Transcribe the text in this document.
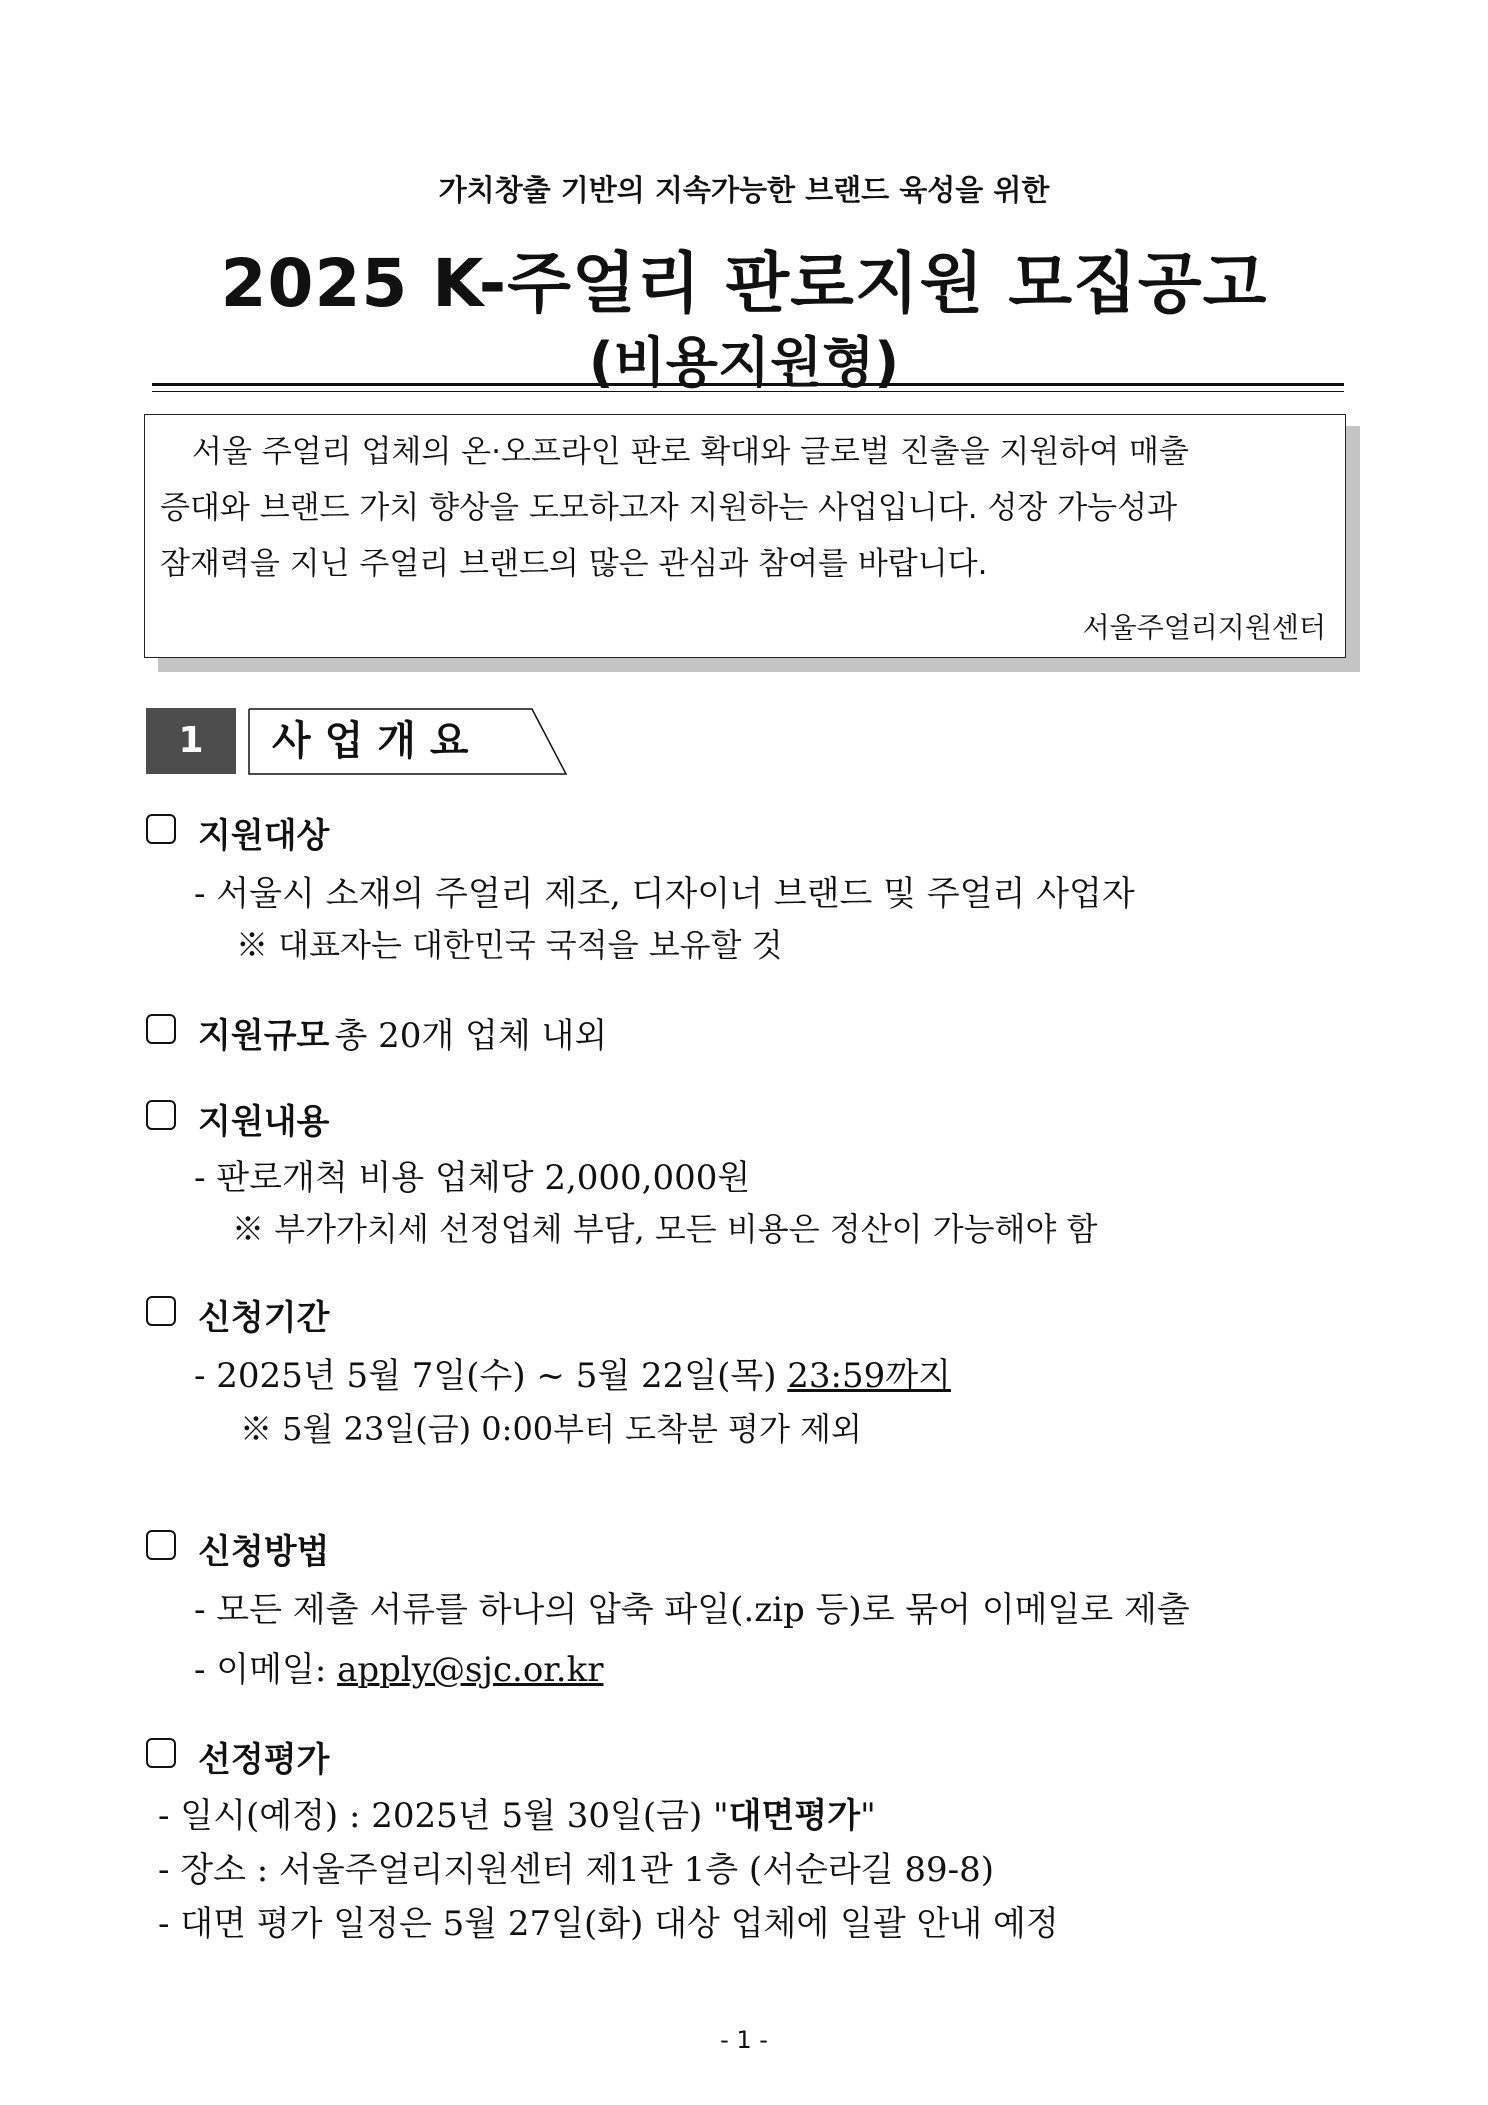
가치창출 기반의 지속가능한 브랜드 육성을 위한
2025 K-주얼리 판로지원 모집공고
(비용지원형)
서울 주얼리 업체의 온·오프라인 판로 확대와 글로벌 진출을 지원하여 매출
증대와 브랜드 가치 향상을 도모하고자 지원하는 사업입니다. 성장 가능성과
잠재력을 지닌 주얼리 브랜드의 많은 관심과 참여를 바랍니다.
서울주얼리지원센터
1	사업개요
지원대상
- 서울시 소재의 주얼리 제조, 디자이너 브랜드 및 주얼리 사업자
※ 대표자는 대한민국 국적을 보유할 것
지원규모 총 20개 업체 내외
지원내용
- 판로개척 비용 업체당 2,000,000원
※ 부가가치세 선정업체 부담, 모든 비용은 정산이 가능해야 함
신청기간
- 2025년 5월 7일(수) ~ 5월 22일(목) 23:59까지
※ 5월 23일(금) 0:00부터 도착분 평가 제외
신청방법
- 모든 제출 서류를 하나의 압축 파일(.zip 등)로 묶어 이메일로 제출
- 이메일: apply@sjc.or.kr
선정평가
- 일시(예정) : 2025년 5월 30일(금) "대면평가"
- 장소 : 서울주얼리지원센터 제1관 1층 (서순라길 89-8)
- 대면 평가 일정은 5월 27일(화) 대상 업체에 일괄 안내 예정
- 1 -
